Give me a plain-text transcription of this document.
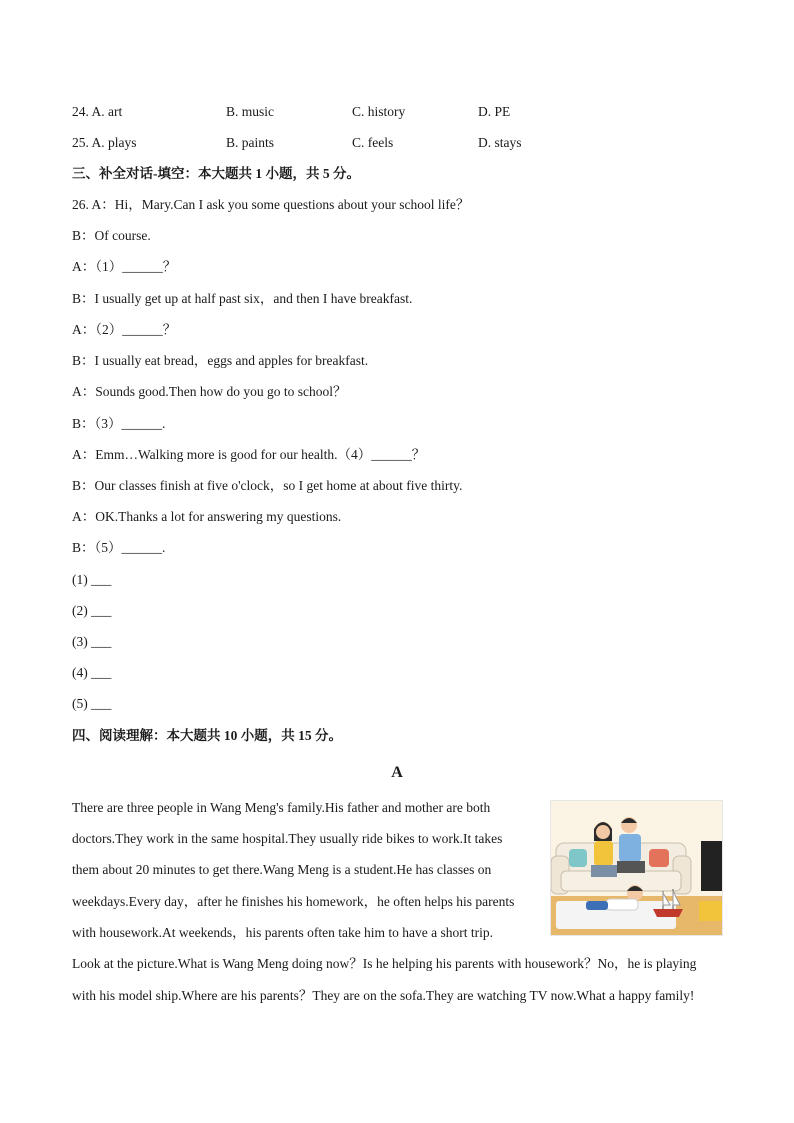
24. A. art	B. music	C. history	D. PE
25. A. plays	B. paints	C. feels	D. stays
三、补全对话-填空：本大题共 1 小题，共 5 分。
26. A：Hi，Mary.Can I ask you some questions about your school life？
B：Of course.
A：（1）______？
B：I usually get up at half past six，and then I have breakfast.
A：（2）______？
B：I usually eat bread，eggs and apples for breakfast.
A：Sounds good.Then how do you go to school？
B：（3）______.
A：Emm…Walking more is good for our health.（4）______？
B：Our classes finish at five o'clock，so I get home at about five thirty.
A：OK.Thanks a lot for answering my questions.
B：（5）______.
(1) ___
(2) ___
(3) ___
(4) ___
(5) ___
四、阅读理解：本大题共 10 小题，共 15 分。
A
There are three people in Wang Meng's family.His father and mother are both
doctors.They work in the same hospital.They usually ride bikes to work.It takes
them about 20 minutes to get there.Wang Meng is a student.He has classes on
weekdays.Every day，after he finishes his homework，he often helps his parents
with housework.At weekends，his parents often take him to have a short trip.
Look at the picture.What is Wang Meng doing now？Is he helping his parents with housework？No，he is playing
with his model ship.Where are his parents？They are on the sofa.They are watching TV now.What a happy family!
